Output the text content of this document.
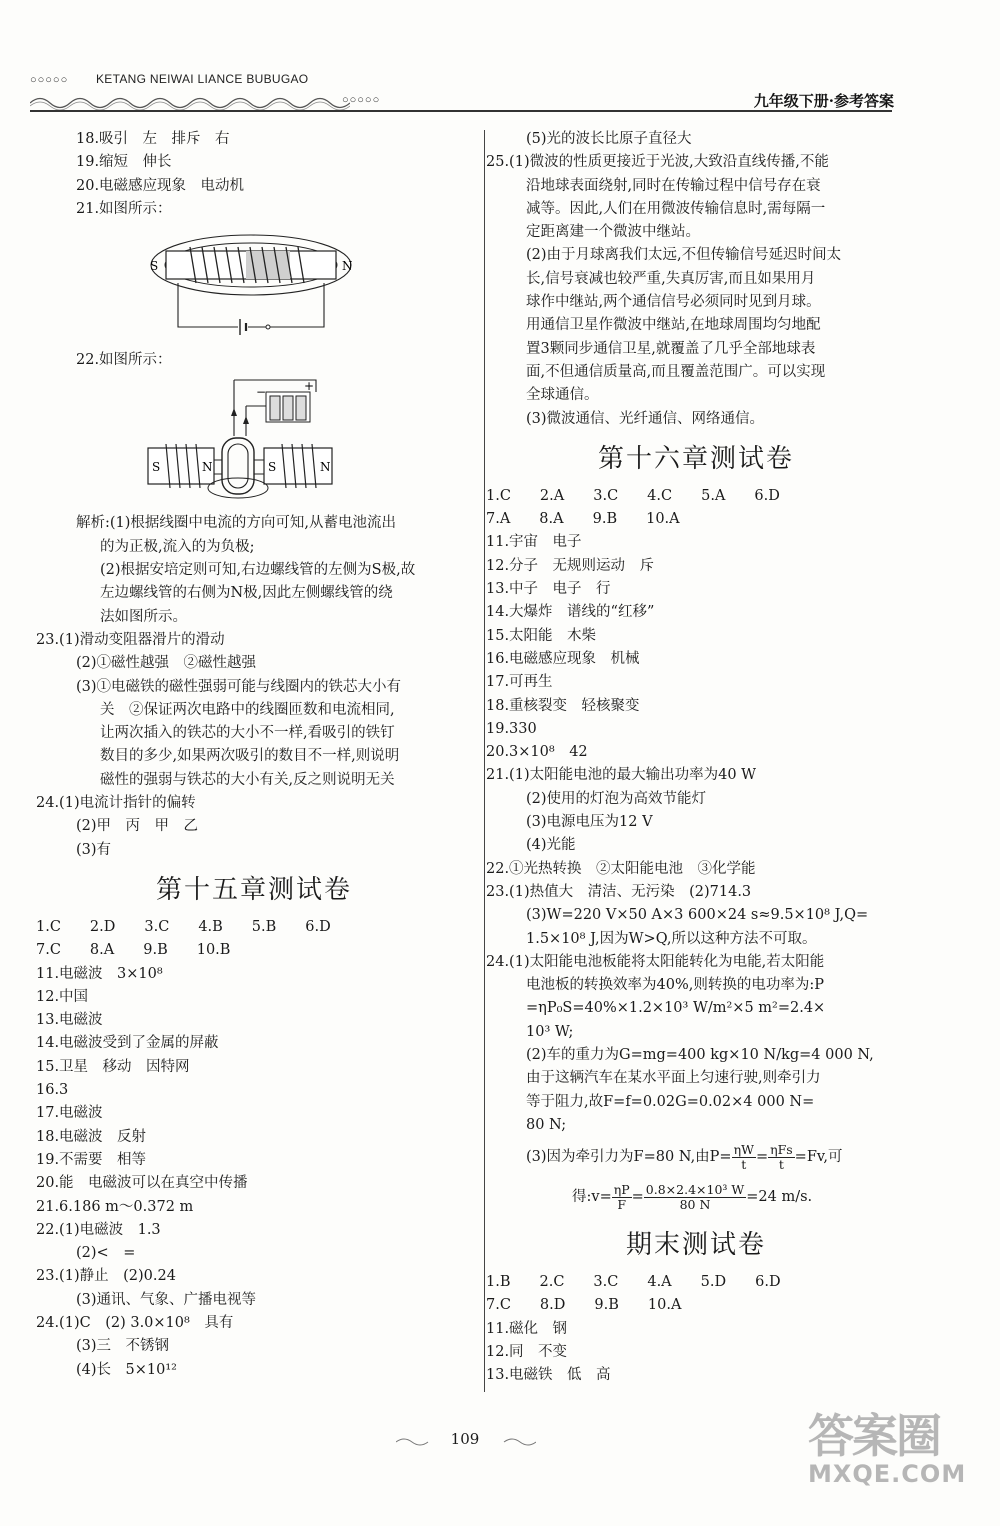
○○○○○ KETANG NEIWAI LIANCE BUBUGAO
○○○○○	九年级下册·参考答案
18.吸引　左　排斥　右
19.缩短　伸长
20.电磁感应现象　电动机
21.如图所示：
S	N
22.如图所示：
+
−
S	N	S	N
解析:(1)根据线圈中电流的方向可知,从蓄电池流出
的为正极,流入的为负极;
(2)根据安培定则可知,右边螺线管的左侧为S极,故
左边螺线管的右侧为N极,因此左侧螺线管的绕
法如图所示。
23.(1)滑动变阻器滑片的滑动
(2)①磁性越强　②磁性越强
(3)①电磁铁的磁性强弱可能与线圈内的铁芯大小有
关　②保证两次电路中的线圈匝数和电流相同,
让两次插入的铁芯的大小不一样,看吸引的铁钉
数目的多少,如果两次吸引的数目不一样,则说明
磁性的强弱与铁芯的大小有关,反之则说明无关
24.(1)电流计指针的偏转
(2)甲　丙　甲　乙
(3)有
第十五章测试卷
1.C　　2.D　　3.C　　4.B　　5.B　　6.D
7.C　　8.A　　9.B　　10.B
11.电磁波　3×10⁸
12.中国
13.电磁波
14.电磁波受到了金属的屏蔽
15.卫星　移动　因特网
16.3
17.电磁波
18.电磁波　反射
19.不需要　相等
20.能　电磁波可以在真空中传播
21.6.186 m～0.372 m
22.(1)电磁波　1.3
(2)<　=
23.(1)静止　(2)0.24
(3)通讯、气象、广播电视等
24.(1)C　(2) 3.0×10⁸　具有
(3)三　不锈钢
(4)长　5×10¹²
(5)光的波长比原子直径大
25.(1)微波的性质更接近于光波,大致沿直线传播,不能
沿地球表面绕射,同时在传输过程中信号存在衰
减等。因此,人们在用微波传输信息时,需每隔一
定距离建一个微波中继站。
(2)由于月球离我们太远,不但传输信号延迟时间太
长,信号衰减也较严重,失真厉害,而且如果用月
球作中继站,两个通信信号必须同时见到月球。
用通信卫星作微波中继站,在地球周围均匀地配
置3颗同步通信卫星,就覆盖了几乎全部地球表
面,不但通信质量高,而且覆盖范围广。可以实现
全球通信。
(3)微波通信、光纤通信、网络通信。
第十六章测试卷
1.C　　2.A　　3.C　　4.C　　5.A　　6.D
7.A　　8.A　　9.B　　10.A
11.宇宙　电子
12.分子　无规则运动　斥
13.中子　电子　行
14.大爆炸　谱线的“红移”
15.太阳能　木柴
16.电磁感应现象　机械
17.可再生
18.重核裂变　轻核聚变
19.330
20.3×10⁸　42
21.(1)太阳能电池的最大输出功率为40 W
(2)使用的灯泡为高效节能灯
(3)电源电压为12 V
(4)光能
22.①光热转换　②太阳能电池　③化学能
23.(1)热值大　清洁、无污染　(2)714.3
(3)W=220 V×50 A×3 600×24 s≈9.5×10⁸ J,Q=
1.5×10⁸ J,因为W>Q,所以这种方法不可取。
24.(1)太阳能电池板能将太阳能转化为电能,若太阳能
电池板的转换效率为40%,则转换的电功率为:P
=ηP₀S=40%×1.2×10³ W/m²×5 m²=2.4×
10³ W;
(2)车的重力为G=mg=400 kg×10 N/kg=4 000 N,
由于这辆汽车在某水平面上匀速行驶,则牵引力
等于阻力,故F=f=0.02G=0.02×4 000 N=
80 N;
(3)因为牵引力为F=80 N,由$P= \frac{\eta W}{t} = \frac{\text{ηFs}}{t} =Fv$,可
得:v= $\frac{\eta P}{F} = \frac{\text{0.8×2.4×10³ W}}{80 N} =24$ m/s.
期末测试卷
1.B　　2.C　　3.C　　4.A　　5.D　　6.D
7.C　　8.D　　9.B　　10.A
11.磁化　钢
12.同　不变
13.电磁铁　低　高
109	答案圈
MXQE.COM
